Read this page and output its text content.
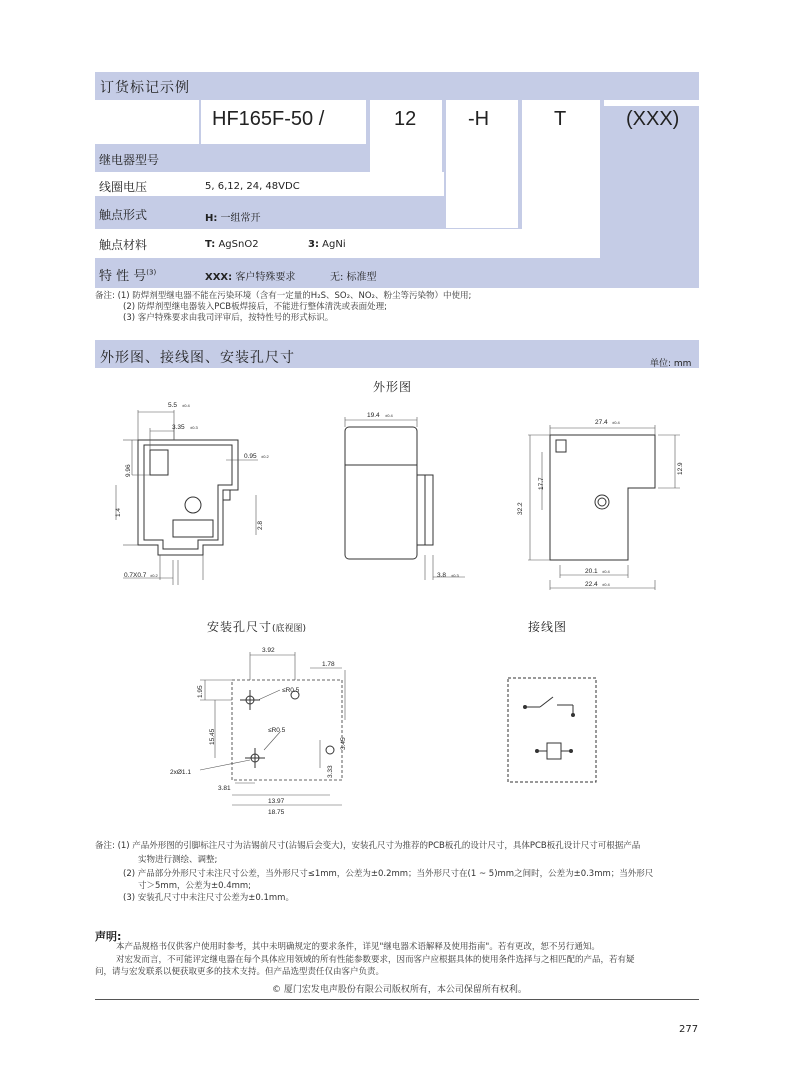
订货标记示例
HF165F-50 /	12	-H	T	(XXX)
继电器型号
线圈电压	5, 6,12, 24, 48VDC
触点形式	H: 一组常开
触点材料	T: AgSnO2	3: AgNi
特 性 号$^{(3)}$	XXX: 客户特殊要求	无: 标准型
备注: (1) 防焊剂型继电器不能在污染环境（含有一定量的H₂S、SO₂、NO₂、粉尘等污染物）中使用;
(2) 防焊剂型继电器装入PCB板焊接后，不能进行整体清洗或表面处理;
(3) 客户特殊要求由我司评审后，按特性号的形式标识。
外形图、接线图、安装孔尺寸	单位: mm
外形图
5.5 ±0.4
3.35 ±0.3
0.95 ±0.2
9.96
1.4
2.8
0.7X0.7 ±0.2
19.4 ±0.4
3.8 ±0.3
27.4 ±0.4
12.9
17.7
32.2
20.1 ±0.4
22.4 ±0.4
安装孔尺寸(底视图)	接线图
3.92
1.78
1.95
15.45
≤R0.5
≤R0.5
3.33
3.45
2xØ1.1
3.81
13.97
18.75
备注: (1) 产品外形图的引脚标注尺寸为沾锡前尺寸(沾锡后会变大)，安装孔尺寸为推荐的PCB板孔的设计尺寸，具体PCB板孔设计尺寸可根据产品
实物进行测绘、调整;
(2) 产品部分外形尺寸未注尺寸公差，当外形尺寸≤1mm，公差为±0.2mm；当外形尺寸在(1 ~ 5)mm之间时，公差为±0.3mm；当外形尺
寸＞5mm，公差为±0.4mm;
(3) 安装孔尺寸中未注尺寸公差为±0.1mm。
声明:
本产品规格书仅供客户使用时参考，其中未明确规定的要求条件，详见"继电器术语解释及使用指南"。若有更改，恕不另行通知。
对宏发而言，不可能评定继电器在每个具体应用领域的所有性能参数要求，因而客户应根据具体的使用条件选择与之相匹配的产品，若有疑
问，请与宏发联系以便获取更多的技术支持。但产品选型责任仅由客户负责。
© 厦门宏发电声股份有限公司版权所有，本公司保留所有权利。
277
